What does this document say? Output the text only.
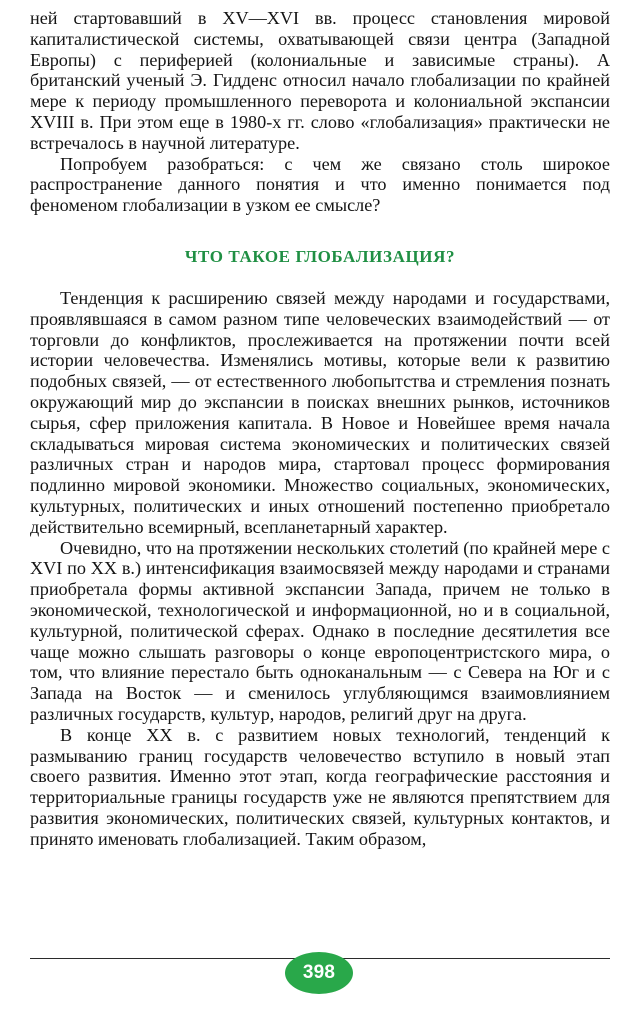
ней стартовавший в XV—XVI вв. процесс становления мировой капиталистической системы, охватывающей связи центра (Западной Европы) с периферией (колониальные и зависимые страны). А британский ученый Э. Гидденс относил начало глобализации по крайней мере к периоду промышленного переворота и колониальной экспансии XVIII в. При этом еще в 1980-х гг. слово «глобализация» практически не встречалось в научной литературе.

Попробуем разобраться: с чем же связано столь широкое распространение данного понятия и что именно понимается под феноменом глобализации в узком ее смысле?

ЧТО ТАКОЕ ГЛОБАЛИЗАЦИЯ?

Тенденция к расширению связей между народами и государствами, проявлявшаяся в самом разном типе человеческих взаимодействий — от торговли до конфликтов, прослеживается на протяжении почти всей истории человечества. Изменялись мотивы, которые вели к развитию подобных связей, — от естественного любопытства и стремления познать окружающий мир до экспансии в поисках внешних рынков, источников сырья, сфер приложения капитала. В Новое и Новейшее время начала складываться мировая система экономических и политических связей различных стран и народов мира, стартовал процесс формирования подлинно мировой экономики. Множество социальных, экономических, культурных, политических и иных отношений постепенно приобретало действительно всемирный, всепланетарный характер.

Очевидно, что на протяжении нескольких столетий (по крайней мере с XVI по XX в.) интенсификация взаимосвязей между народами и странами приобретала формы активной экспансии Запада, причем не только в экономической, технологической и информационной, но и в социальной, культурной, политической сферах. Однако в последние десятилетия все чаще можно слышать разговоры о конце европоцентристского мира, о том, что влияние перестало быть одноканальным — с Севера на Юг и с Запада на Восток — и сменилось углубляющимся взаимовлиянием различных государств, культур, народов, религий друг на друга.

В конце XX в. с развитием новых технологий, тенденций к размыванию границ государств человечество вступило в новый этап своего развития. Именно этот этап, когда географические расстояния и территориальные границы государств уже не являются препятствием для развития экономических, политических связей, культурных контактов, и принято именовать глобализацией. Таким образом,

398
